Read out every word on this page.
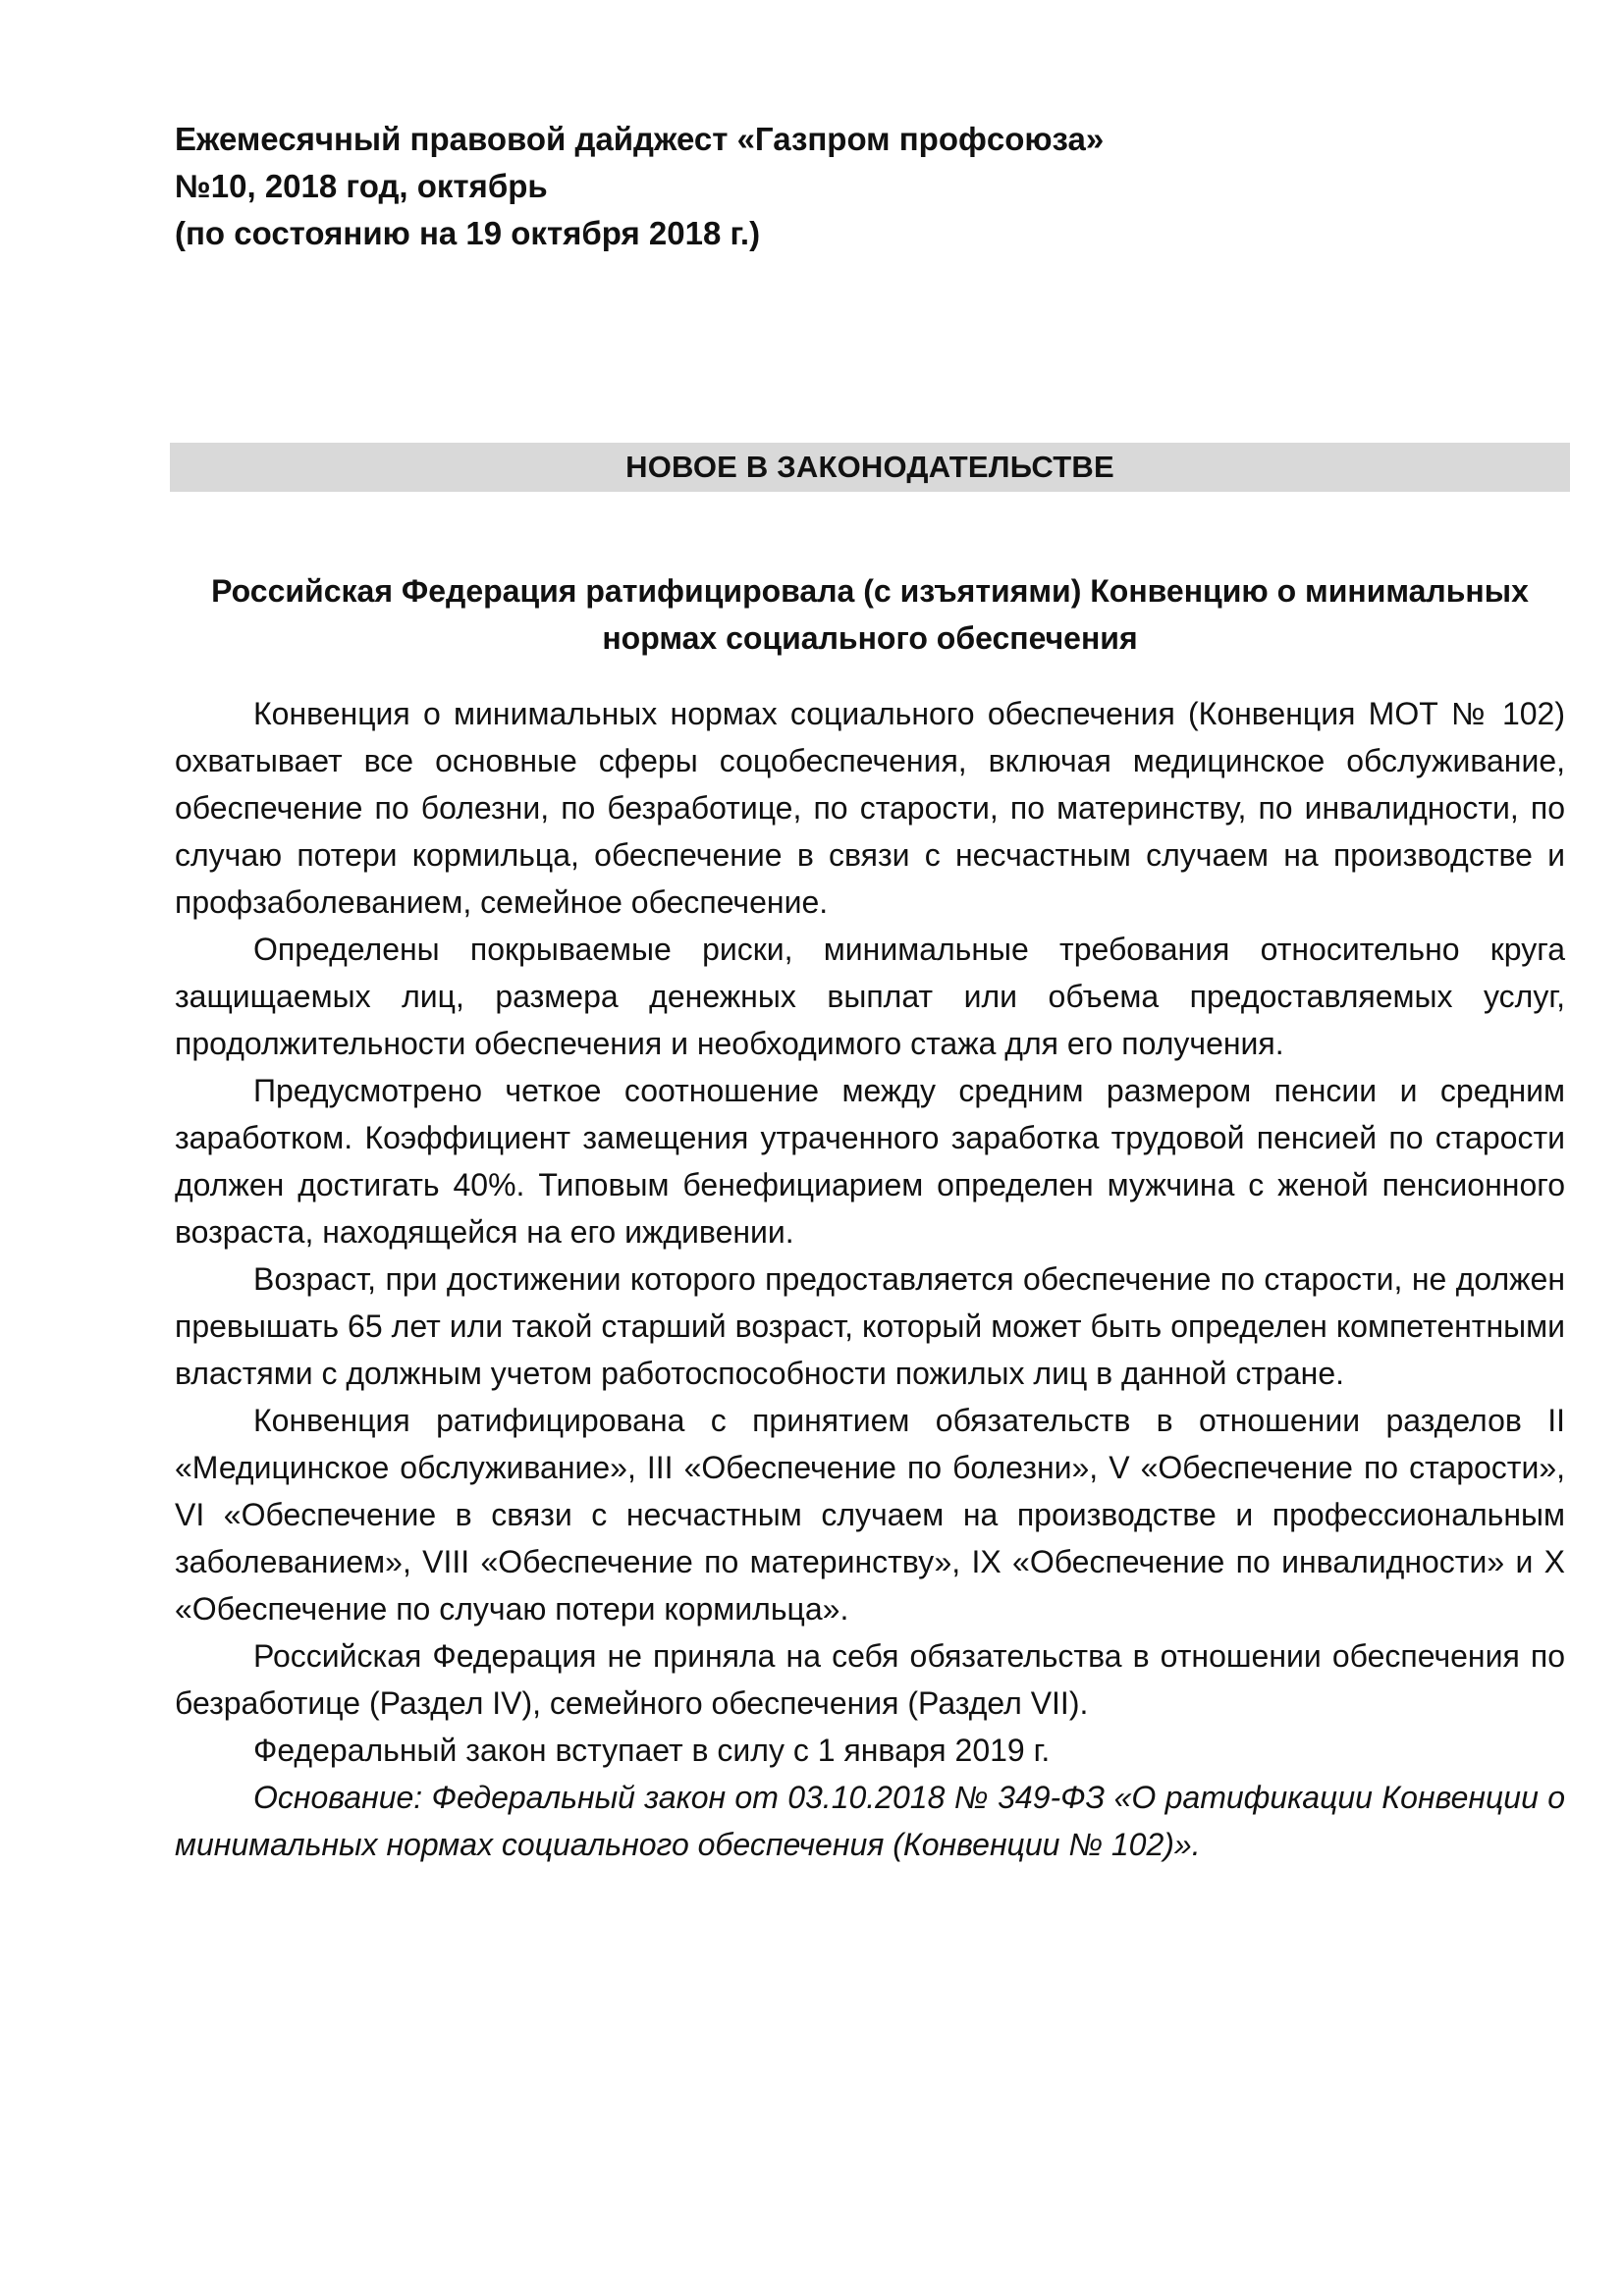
Ежемесячный правовой дайджест «Газпром профсоюза»
№10, 2018 год, октябрь
(по состоянию на 19 октября 2018 г.)
НОВОЕ В ЗАКОНОДАТЕЛЬСТВЕ
Российская Федерация ратифицировала (с изъятиями) Конвенцию о минимальных нормах социального обеспечения

Конвенция о минимальных нормах социального обеспечения (Конвенция МОТ № 102) охватывает все основные сферы соцобеспечения, включая медицинское обслуживание, обеспечение по болезни, по безработице, по старости, по материнству, по инвалидности, по случаю потери кормильца, обеспечение в связи с несчастным случаем на производстве и профзаболеванием, семейное обеспечение.

Определены покрываемые риски, минимальные требования относительно круга защищаемых лиц, размера денежных выплат или объема предоставляемых услуг, продолжительности обеспечения и необходимого стажа для его получения.

Предусмотрено четкое соотношение между средним размером пенсии и средним заработком. Коэффициент замещения утраченного заработка трудовой пенсией по старости должен достигать 40%. Типовым бенефициарием определен мужчина с женой пенсионного возраста, находящейся на его иждивении.

Возраст, при достижении которого предоставляется обеспечение по старости, не должен превышать 65 лет или такой старший возраст, который может быть определен компетентными властями с должным учетом работоспособности пожилых лиц в данной стране.

Конвенция ратифицирована с принятием обязательств в отношении разделов II «Медицинское обслуживание», III «Обеспечение по болезни», V «Обеспечение по старости», VI «Обеспечение в связи с несчастным случаем на производстве и профессиональным заболеванием», VIII «Обеспечение по материнству», IX «Обеспечение по инвалидности» и X «Обеспечение по случаю потери кормильца».

Российская Федерация не приняла на себя обязательства в отношении обеспечения по безработице (Раздел IV), семейного обеспечения (Раздел VII).

Федеральный закон вступает в силу с 1 января 2019 г.

Основание: Федеральный закон от 03.10.2018 № 349-ФЗ «О ратификации Конвенции о минимальных нормах социального обеспечения (Конвенции № 102)».
